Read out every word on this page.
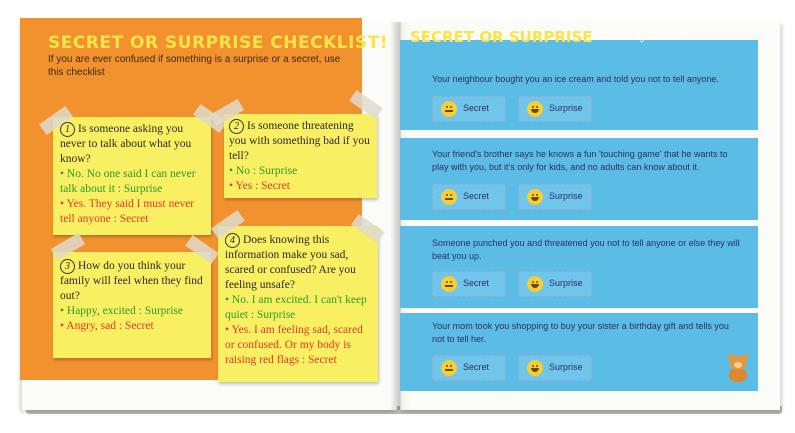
SECRET OR SURPRISE CHECKLIST!
If you are ever confused if something is a surprise or a secret, use this checklist
1 Is someone asking you never to talk about what you know?
• No. No one said I can never talk about it : Surprise
• Yes. They said I must never tell anyone : Secret
2 Is someone threatening you with something bad if you tell?
• No : Surprise
• Yes : Secret
3 How do you think your family will feel when they find out?
• Happy, excited : Surprise
• Angry, sad : Secret
4 Does knowing this information make you sad, scared or confused? Are you feeling unsafe?
• No. I am excited. I can't keep quiet : Surprise
• Yes. I am feeling sad, scared or confused. Or my body is raising red flags : Secret
SECRET OR SURPRISE Select the right answer!
Your neighbour bought you an ice cream and told you not to tell anyone.
Secret	Surprise
Your friend's brother says he knows a fun 'touching game' that he wants to play with you, but it's only for kids, and no adults can know about it.
Secret	Surprise
Someone punched you and threatened you not to tell anyone or else they will beat you up.
Secret	Surprise
Your mom took you shopping to buy your sister a birthday gift and tells you not to tell her.
Secret	Surprise
